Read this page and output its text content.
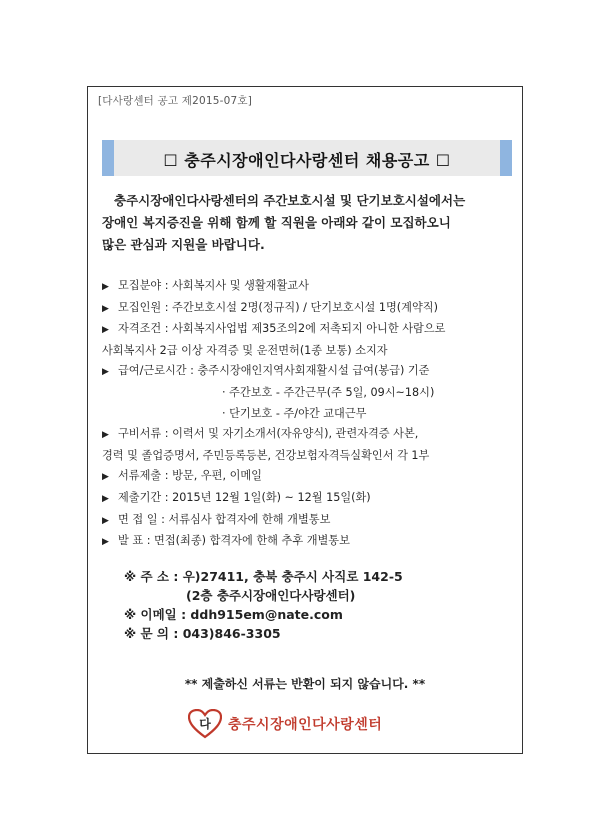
[다사랑센터 공고 제2015-07호]
☐ 충주시장애인다사랑센터 채용공고 ☐

충주시장애인다사랑센터의 주간보호시설 및 단기보호시설에서는

장애인 복지증진을 위해 함께 할 직원을 아래와 같이 모집하오니

많은 관심과 지원을 바랍니다.

▶ 모집분야 : 사회복지사 및 생활재활교사
▶ 모집인원 : 주간보호시설 2명(정규직) / 단기보호시설 1명(계약직)
▶ 자격조건 : 사회복지사업법 제35조의2에 저촉되지 아니한 사람으로
사회복지사 2급 이상 자격증 및 운전면허(1종 보통) 소지자
▶ 급여/근로시간 : 충주시장애인지역사회재활시설 급여(봉급) 기준
· 주간보호 - 주간근무(주 5일, 09시~18시)
· 단기보호 - 주/야간 교대근무
▶ 구비서류 : 이력서 및 자기소개서(자유양식), 관련자격증 사본,
경력 및 졸업증명서, 주민등록등본, 건강보험자격득실확인서 각 1부
▶ 서류제출 : 방문, 우편, 이메일
▶ 제출기간 : 2015년 12월 1일(화) ~ 12월 15일(화)
▶ 면 접 일 : 서류심사 합격자에 한해 개별통보
▶ 발 표 : 면접(최종) 합격자에 한해 추후 개별통보
※ 주 소 : 우)27411, 충북 충주시 사직로 142-5
(2층 충주시장애인다사랑센터)
※ 이메일 : ddh915em@nate.com
※ 문 의 : 043)846-3305
** 제출하신 서류는 반환이 되지 않습니다. **
다 충주시장애인다사랑센터
